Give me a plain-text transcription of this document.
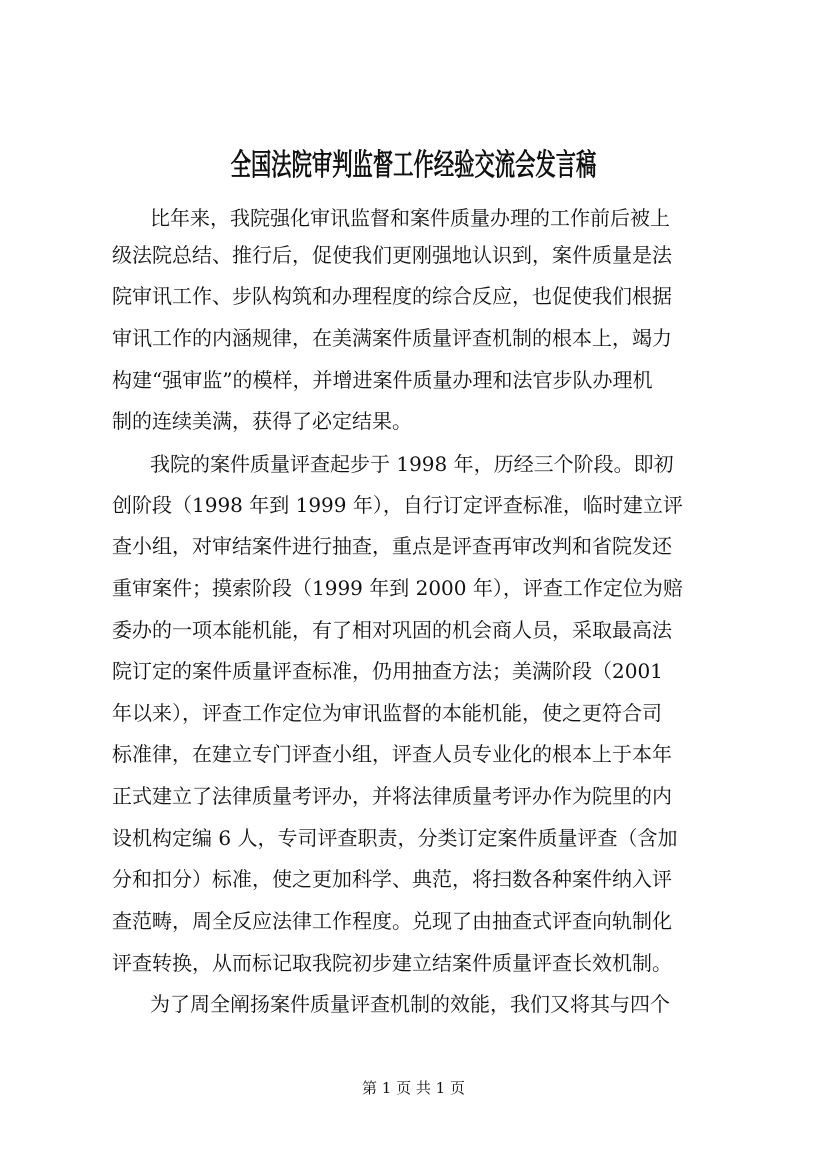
全国法院审判监督工作经验交流会发言稿
比年来，我院强化审讯监督和案件质量办理的工作前后被上
级法院总结、推行后，促使我们更刚强地认识到，案件质量是法
院审讯工作、步队构筑和办理程度的综合反应，也促使我们根据
审讯工作的内涵规律，在美满案件质量评查机制的根本上，竭力
构建“强审监”的模样，并增进案件质量办理和法官步队办理机
制的连续美满，获得了必定结果。
我院的案件质量评查起步于 1998 年，历经三个阶段。即初
创阶段（1998 年到 1999 年），自行订定评查标准，临时建立评
查小组，对审结案件进行抽查，重点是评查再审改判和省院发还
重审案件；摸索阶段（1999 年到 2000 年），评查工作定位为赔
委办的一项本能机能，有了相对巩固的机会商人员，采取最高法
院订定的案件质量评查标准，仍用抽查方法；美满阶段（2001
年以来），评查工作定位为审讯监督的本能机能，使之更符合司
标准律，在建立专门评查小组，评查人员专业化的根本上于本年
正式建立了法律质量考评办，并将法律质量考评办作为院里的内
设机构定编 6 人，专司评查职责，分类订定案件质量评查（含加
分和扣分）标准，使之更加科学、典范，将扫数各种案件纳入评
查范畴，周全反应法律工作程度。兑现了由抽查式评查向轨制化
评查转换，从而标记取我院初步建立结案件质量评查长效机制。
为了周全阐扬案件质量评查机制的效能，我们又将其与四个
第 1 页 共 1 页
